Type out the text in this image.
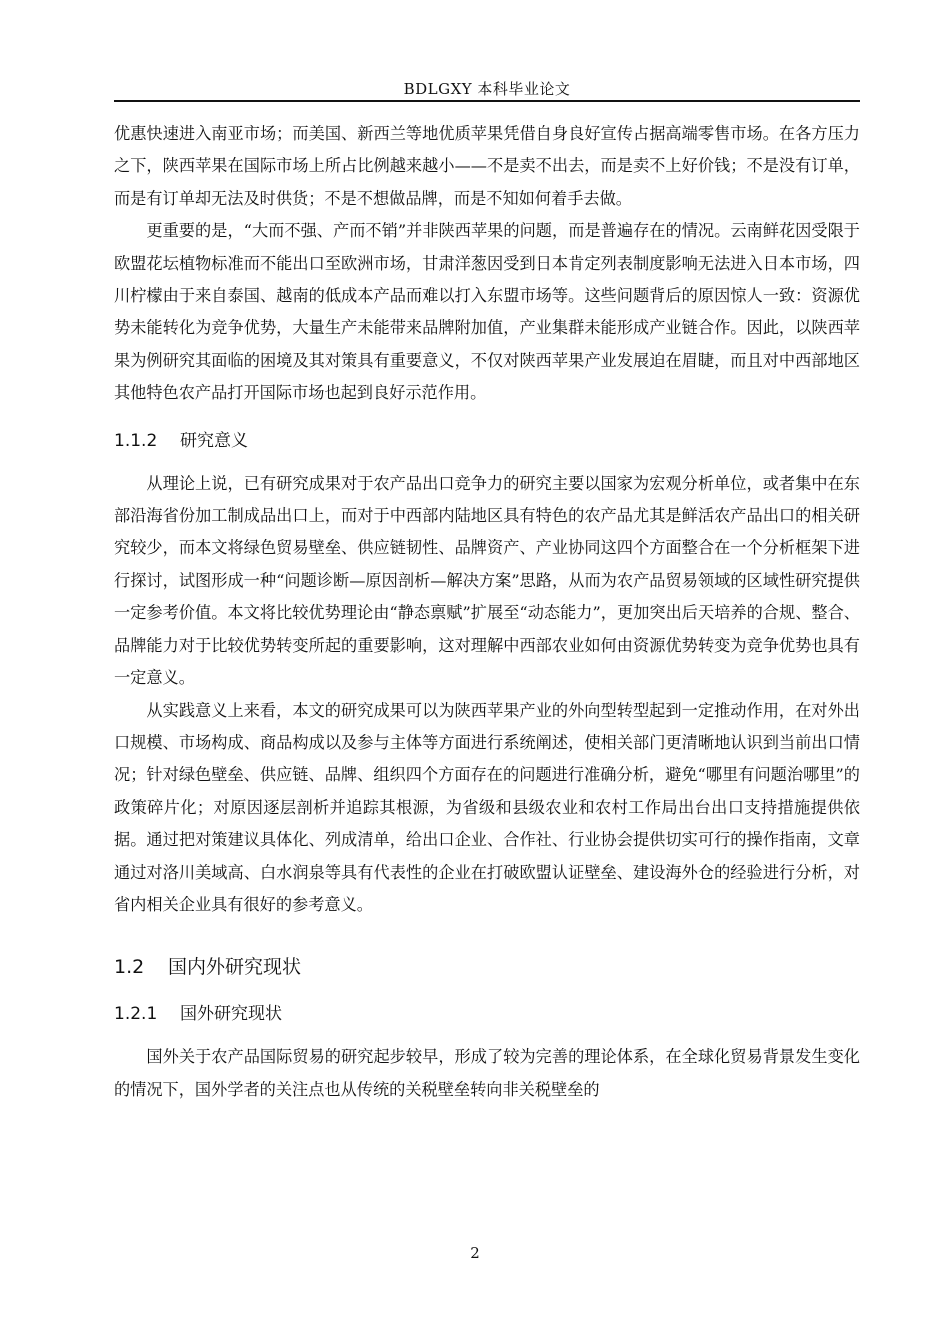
BDLGXY 本科毕业论文

优惠快速进入南亚市场；而美国、新西兰等地优质苹果凭借自身良好宣传占据高端零售市场。在各方压力之下，陕西苹果在国际市场上所占比例越来越小——不是卖不出去，而是卖不上好价钱；不是没有订单，而是有订单却无法及时供货；不是不想做品牌，而是不知如何着手去做。

更重要的是，“大而不强、产而不销”并非陕西苹果的问题，而是普遍存在的情况。云南鲜花因受限于欧盟花坛植物标准而不能出口至欧洲市场，甘肃洋葱因受到日本肯定列表制度影响无法进入日本市场，四川柠檬由于来自泰国、越南的低成本产品而难以打入东盟市场等。这些问题背后的原因惊人一致：资源优势未能转化为竞争优势，大量生产未能带来品牌附加值，产业集群未能形成产业链合作。因此，以陕西苹果为例研究其面临的困境及其对策具有重要意义，不仅对陕西苹果产业发展迫在眉睫，而且对中西部地区其他特色农产品打开国际市场也起到良好示范作用。

1.1.2 研究意义

从理论上说，已有研究成果对于农产品出口竞争力的研究主要以国家为宏观分析单位，或者集中在东部沿海省份加工制成品出口上，而对于中西部内陆地区具有特色的农产品尤其是鲜活农产品出口的相关研究较少，而本文将绿色贸易壁垒、供应链韧性、品牌资产、产业协同这四个方面整合在一个分析框架下进行探讨，试图形成一种“问题诊断—原因剖析—解决方案”思路，从而为农产品贸易领域的区域性研究提供一定参考价值。本文将比较优势理论由“静态禀赋”扩展至“动态能力”，更加突出后天培养的合规、整合、品牌能力对于比较优势转变所起的重要影响，这对理解中西部农业如何由资源优势转变为竞争优势也具有一定意义。

从实践意义上来看，本文的研究成果可以为陕西苹果产业的外向型转型起到一定推动作用，在对外出口规模、市场构成、商品构成以及参与主体等方面进行系统阐述，使相关部门更清晰地认识到当前出口情况；针对绿色壁垒、供应链、品牌、组织四个方面存在的问题进行准确分析，避免“哪里有问题治哪里”的政策碎片化；对原因逐层剖析并追踪其根源，为省级和县级农业和农村工作局出台出口支持措施提供依据。通过把对策建议具体化、列成清单，给出口企业、合作社、行业协会提供切实可行的操作指南，文章通过对洛川美域高、白水润泉等具有代表性的企业在打破欧盟认证壁垒、建设海外仓的经验进行分析，对省内相关企业具有很好的参考意义。

1.2 国内外研究现状
1.2.1 国外研究现状

国外关于农产品国际贸易的研究起步较早，形成了较为完善的理论体系，在全球化贸易背景发生变化的情况下，国外学者的关注点也从传统的关税壁垒转向非关税壁垒的

2
